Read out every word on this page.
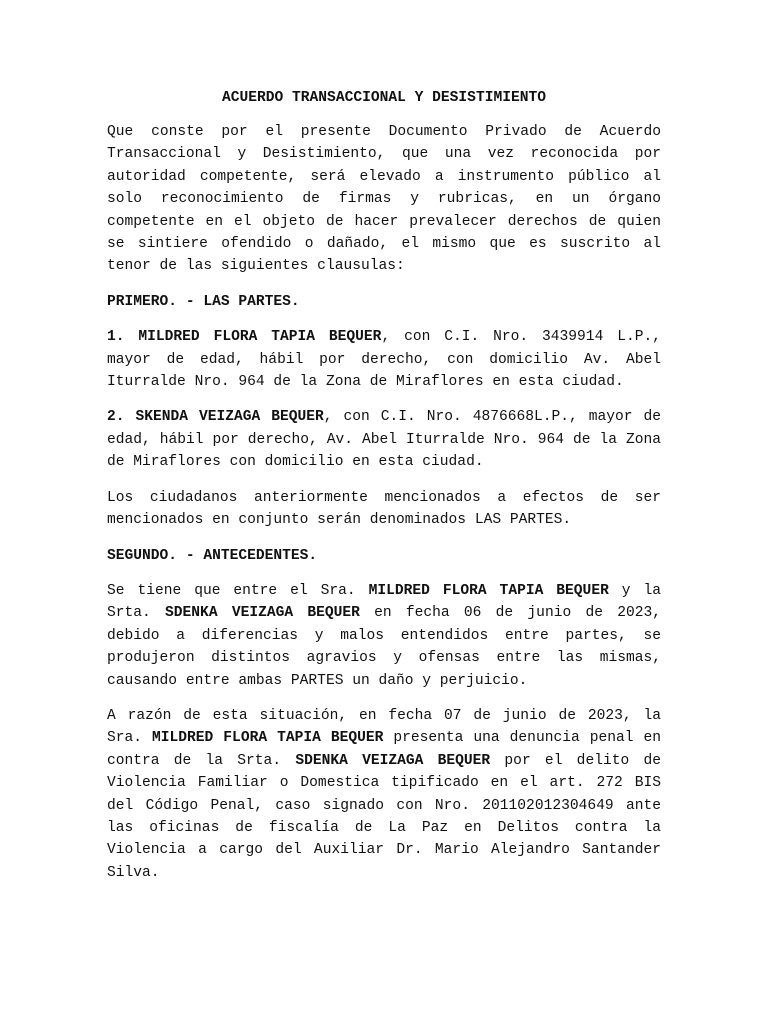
ACUERDO TRANSACCIONAL Y DESISTIMIENTO

Que conste por el presente Documento Privado de Acuerdo Transaccional y Desistimiento, que una vez reconocida por autoridad competente, será elevado a instrumento público al solo reconocimiento de firmas y rubricas, en un órgano competente en el objeto de hacer prevalecer derechos de quien se sintiere ofendido o dañado, el mismo que es suscrito al tenor de las siguientes clausulas:

PRIMERO. - LAS PARTES.

1. MILDRED FLORA TAPIA BEQUER, con C.I. Nro. 3439914 L.P., mayor de edad, hábil por derecho, con domicilio Av. Abel Iturralde Nro. 964 de la Zona de Miraflores en esta ciudad.

2. SKENDA VEIZAGA BEQUER, con C.I. Nro. 4876668L.P., mayor de edad, hábil por derecho, Av. Abel Iturralde Nro. 964 de la Zona de Miraflores con domicilio en esta ciudad.

Los ciudadanos anteriormente mencionados a efectos de ser mencionados en conjunto serán denominados LAS PARTES.

SEGUNDO. - ANTECEDENTES.

Se tiene que entre el Sra. MILDRED FLORA TAPIA BEQUER y la Srta. SDENKA VEIZAGA BEQUER en fecha 06 de junio de 2023, debido a diferencias y malos entendidos entre partes, se produjeron distintos agravios y ofensas entre las mismas, causando entre ambas PARTES un daño y perjuicio.

A razón de esta situación, en fecha 07 de junio de 2023, la Sra. MILDRED FLORA TAPIA BEQUER presenta una denuncia penal en contra de la Srta. SDENKA VEIZAGA BEQUER por el delito de Violencia Familiar o Domestica tipificado en el art. 272 BIS del Código Penal, caso signado con Nro. 201102012304649 ante las oficinas de fiscalía de La Paz en Delitos contra la Violencia a cargo del Auxiliar Dr. Mario Alejandro Santander Silva.
